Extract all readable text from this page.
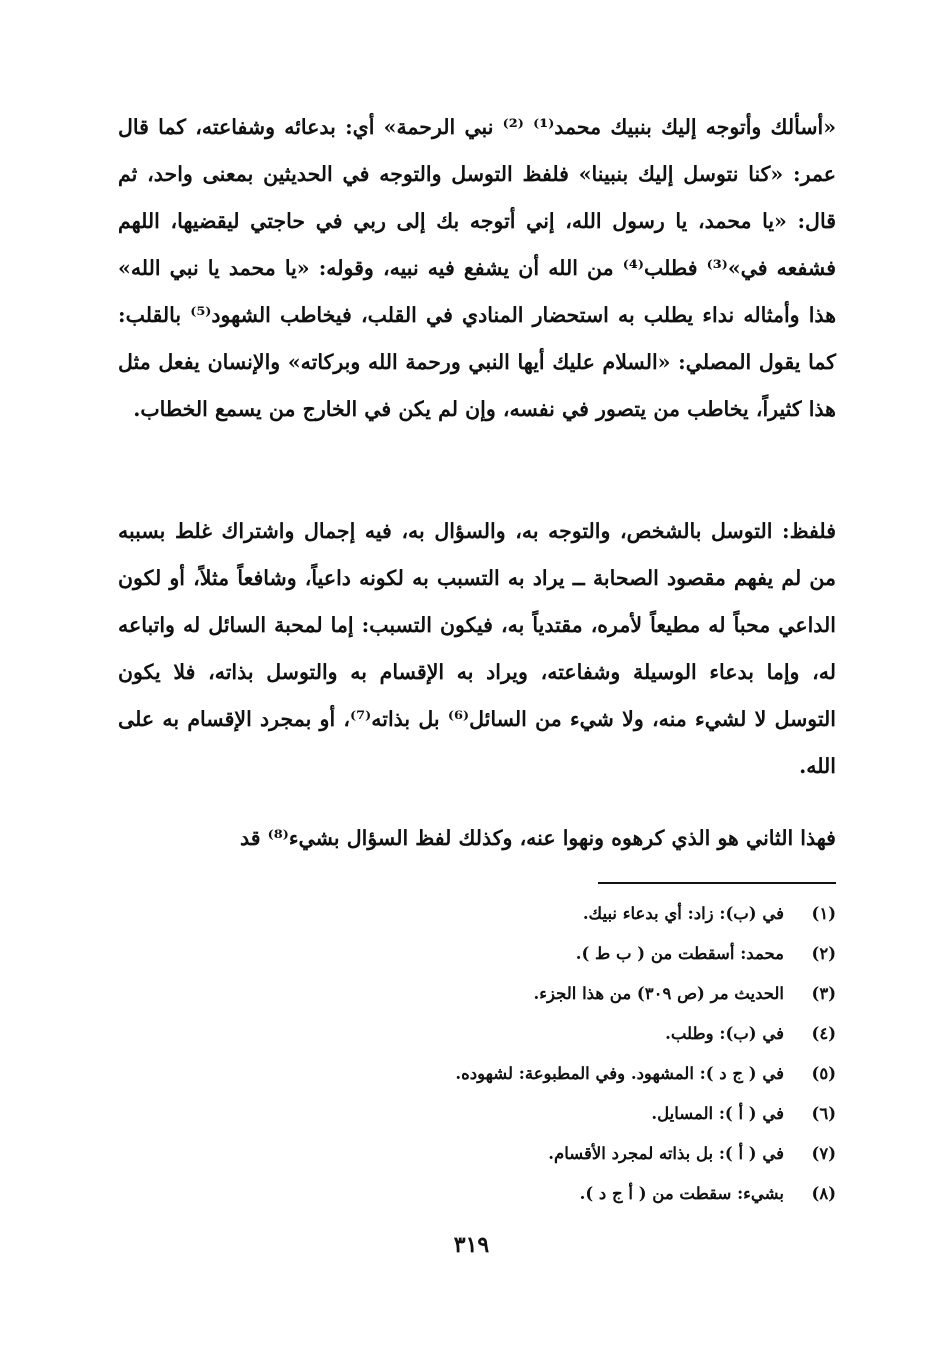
«أسألك وأتوجه إليك بنبيك محمد⁽¹⁾ ⁽²⁾ نبي الرحمة» أي: بدعائه وشفاعته، كما قال عمر: «كنا نتوسل إليك بنبينا» فلفظ التوسل والتوجه في الحديثين بمعنى واحد، ثم قال: «يا محمد، يا رسول الله، إني أتوجه بك إلى ربي في حاجتي ليقضيها، اللهم فشفعه في»⁽³⁾ فطلب⁽⁴⁾ من الله أن يشفع فيه نبيه، وقوله: «يا محمد يا نبي الله» هذا وأمثاله نداء يطلب به استحضار المنادي في القلب، فيخاطب الشهود⁽⁵⁾ بالقلب: كما يقول المصلي: «السلام عليك أيها النبي ورحمة الله وبركاته» والإنسان يفعل مثل هذا كثيراً، يخاطب من يتصور في نفسه، وإن لم يكن في الخارج من يسمع الخطاب.

فلفظ: التوسل بالشخص، والتوجه به، والسؤال به، فيه إجمال واشتراك غلط بسببه من لم يفهم مقصود الصحابة ــ يراد به التسبب به لكونه داعياً، وشافعاً مثلاً، أو لكون الداعي محباً له مطيعاً لأمره، مقتدياً به، فيكون التسبب: إما لمحبة السائل له واتباعه له، وإما بدعاء الوسيلة وشفاعته، ويراد به الإقسام به والتوسل بذاته، فلا يكون التوسل لا لشيء منه، ولا شيء من السائل⁽⁶⁾ بل بذاته⁽⁷⁾، أو بمجرد الإقسام به على الله.

فهذا الثاني هو الذي كرهوه ونهوا عنه، وكذلك لفظ السؤال بشيء⁽⁸⁾ قد

(١)
في (ب): زاد: أي بدعاء نبيك.
(٢)
محمد: أسقطت من ( ب ط ).
(٣)
الحديث مر (ص ٣٠٩) من هذا الجزء.
(٤)
في (ب): وطلب.
(٥)
في ( ج د ): المشهود. وفي المطبوعة: لشهوده.
(٦)
في ( أ ): المسايل.
(٧)
في ( أ ): بل بذاته لمجرد الأقسام.
(٨)
بشيء: سقطت من ( أ ج د ).
٣١٩
